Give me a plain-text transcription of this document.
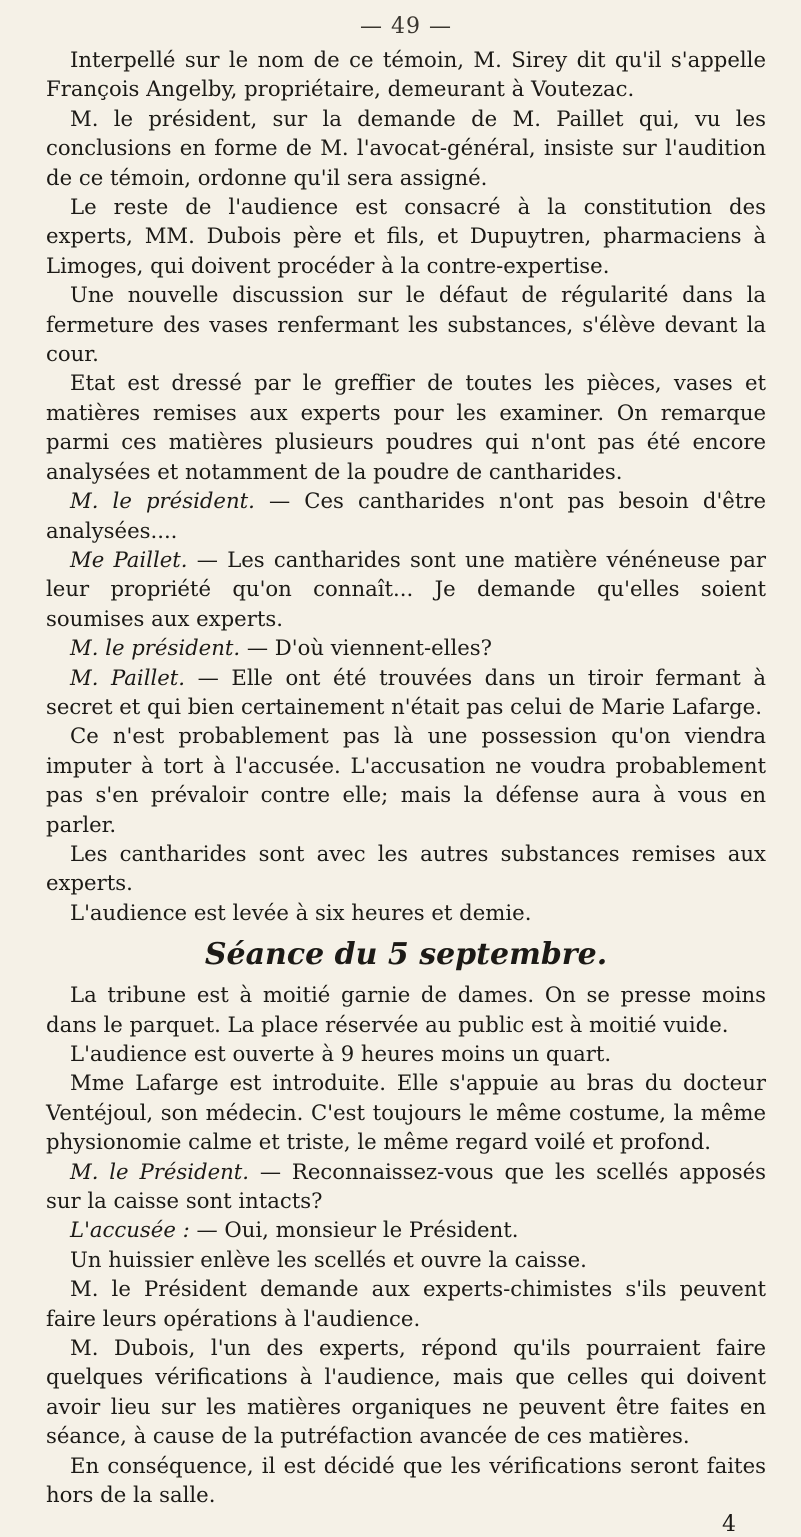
— 49 —

Interpellé sur le nom de ce témoin, M. Sirey dit qu'il s'appelle François Angelby, propriétaire, demeurant à Voutezac.

M. le président, sur la demande de M. Paillet qui, vu les conclusions en forme de M. l'avocat-général, insiste sur l'audition de ce témoin, ordonne qu'il sera assigné.

Le reste de l'audience est consacré à la constitution des experts, MM. Dubois père et fils, et Dupuytren, pharmaciens à Limoges, qui doivent procéder à la contre-expertise.

Une nouvelle discussion sur le défaut de régularité dans la fermeture des vases renfermant les substances, s'élève devant la cour.

Etat est dressé par le greffier de toutes les pièces, vases et matières remises aux experts pour les examiner. On remarque parmi ces matières plusieurs poudres qui n'ont pas été encore analysées et notamment de la poudre de cantharides.

M. le président. — Ces cantharides n'ont pas besoin d'être analysées....

Me Paillet. — Les cantharides sont une matière vénéneuse par leur propriété qu'on connaît... Je demande qu'elles soient soumises aux experts.

M. le président. — D'où viennent-elles?

M. Paillet. — Elle ont été trouvées dans un tiroir fermant à secret et qui bien certainement n'était pas celui de Marie Lafarge.

Ce n'est probablement pas là une possession qu'on viendra imputer à tort à l'accusée. L'accusation ne voudra probablement pas s'en prévaloir contre elle; mais la défense aura à vous en parler.

Les cantharides sont avec les autres substances remises aux experts.

L'audience est levée à six heures et demie.

Séance du 5 septembre.

La tribune est à moitié garnie de dames. On se presse moins dans le parquet. La place réservée au public est à moitié vuide.

L'audience est ouverte à 9 heures moins un quart.

Mme Lafarge est introduite. Elle s'appuie au bras du docteur Ventéjoul, son médecin. C'est toujours le même costume, la même physionomie calme et triste, le même regard voilé et profond.

M. le Président. — Reconnaissez-vous que les scellés apposés sur la caisse sont intacts?

L'accusée : — Oui, monsieur le Président.

Un huissier enlève les scellés et ouvre la caisse.

M. le Président demande aux experts-chimistes s'ils peuvent faire leurs opérations à l'audience.

M. Dubois, l'un des experts, répond qu'ils pourraient faire quelques vérifications à l'audience, mais que celles qui doivent avoir lieu sur les matières organiques ne peuvent être faites en séance, à cause de la putréfaction avancée de ces matières.

En conséquence, il est décidé que les vérifications seront faites hors de la salle.

4
